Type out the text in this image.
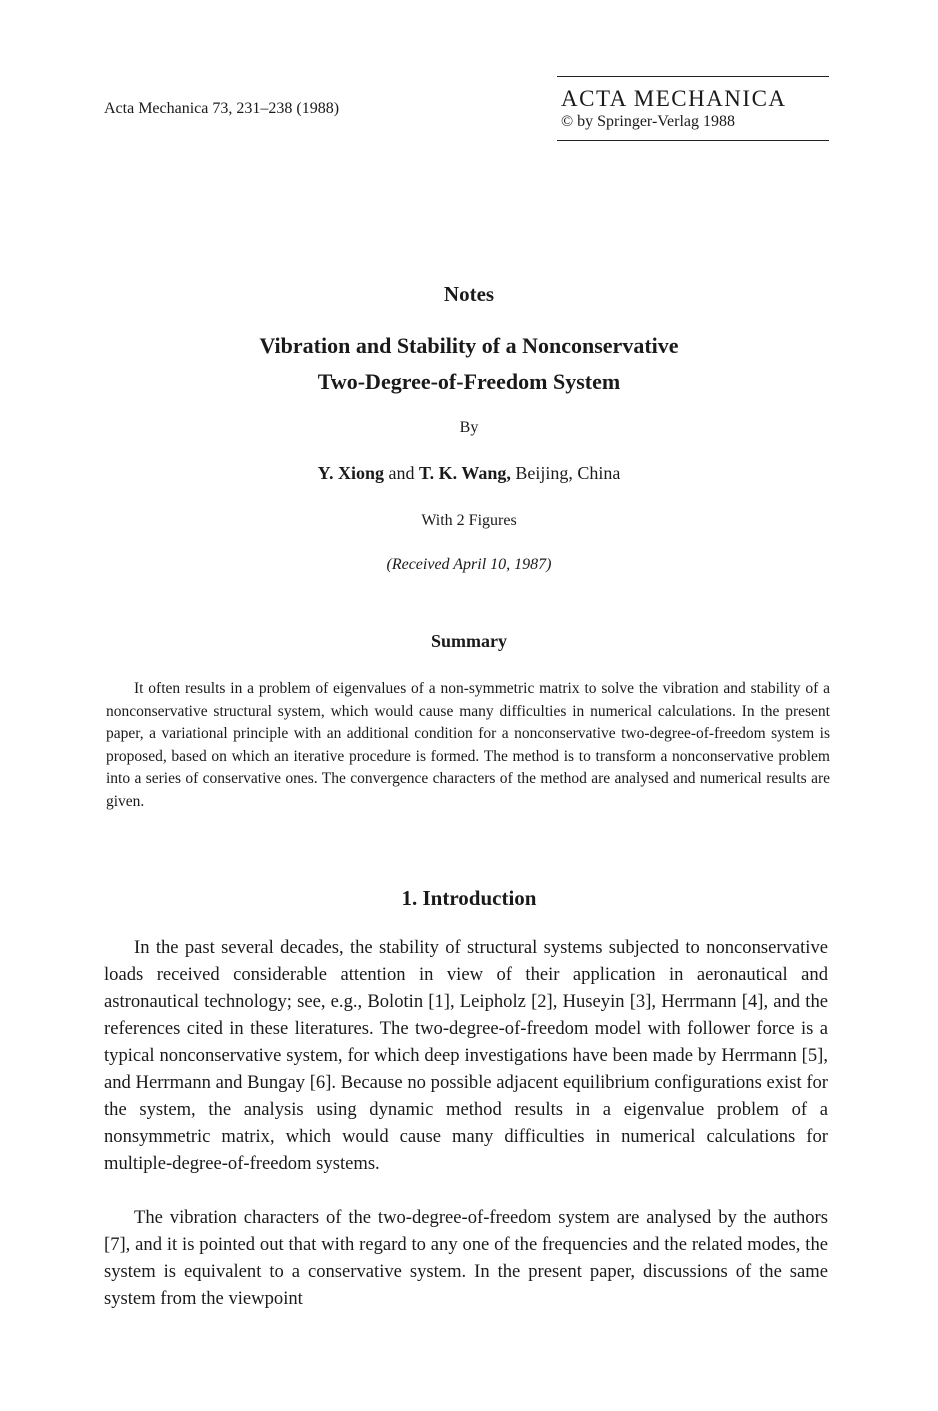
Acta Mechanica 73, 231–238 (1988)	ACTA MECHANICA
© by Springer-Verlag 1988
Notes
Vibration and Stability of a Nonconservative
Two-Degree-of-Freedom System
By
Y. Xiong and T. K. Wang, Beijing, China
With 2 Figures
(Received April 10, 1987)
Summary

It often results in a problem of eigenvalues of a non-symmetric matrix to solve the vibration and stability of a nonconservative structural system, which would cause many difficulties in numerical calculations. In the present paper, a variational principle with an additional condition for a nonconservative two-degree-of-freedom system is proposed, based on which an iterative procedure is formed. The method is to transform a nonconservative problem into a series of conservative ones. The convergence characters of the method are analysed and numerical results are given.

1. Introduction

In the past several decades, the stability of structural systems subjected to nonconservative loads received considerable attention in view of their application in aeronautical and astronautical technology; see, e.g., Bolotin [1], Leipholz [2], Huseyin [3], Herrmann [4], and the references cited in these literatures. The two-degree-of-freedom model with follower force is a typical nonconservative system, for which deep investigations have been made by Herrmann [5], and Herrmann and Bungay [6]. Because no possible adjacent equilibrium configurations exist for the system, the analysis using dynamic method results in a eigenvalue problem of a nonsymmetric matrix, which would cause many difficulties in numerical calculations for multiple-degree-of-freedom systems.

The vibration characters of the two-degree-of-freedom system are analysed by the authors [7], and it is pointed out that with regard to any one of the frequencies and the related modes, the system is equivalent to a conservative system. In the present paper, discussions of the same system from the viewpoint
